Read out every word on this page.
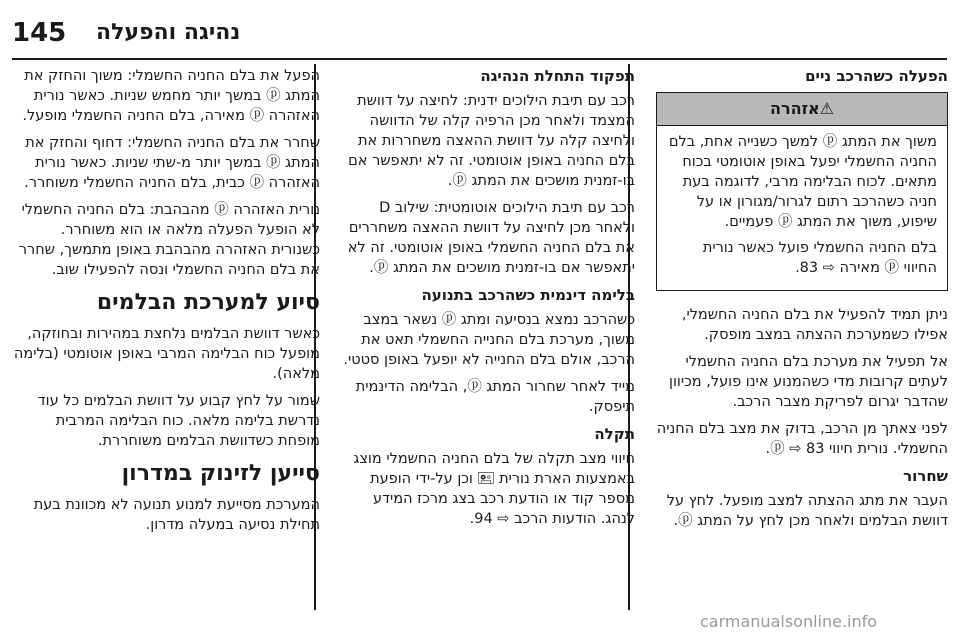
145 נהיגה והפעלה
הפעלה כשהרכב ניים
⚠אזהרה

משוך את המתג ⓟ למשך כשנייה אחת, בלם החניה החשמלי יפעל באופן אוטומטי בכוח מתאים. לכוח הבלימה מרבי, לדוגמה בעת חניה כשהרכב רתום לגרור/מגורון או על שיפוע, משוך את המתג ⓟ פעמיים.

בלם החניה החשמלי פועל כאשר נורית החיווי ⓟ מאירה ⇨ 83.

ניתן תמיד להפעיל את בלם החניה החשמלי, אפילו כשמערכת ההצתה במצב מופסק.

אל תפעיל את מערכת בלם החניה החשמלי לעתים קרובות מדי כשהמנוע אינו פועל, מכיוון שהדבר יגרום לפריקת מצבר הרכב.

לפני צאתך מן הרכב, בדוק את מצב בלם החניה החשמלי. נורית חיווי ⓟ ⇨ 83.

שחרור

העבר את מתג ההצתה למצב מופעל. לחץ על דוושת הבלמים ולאחר מכן לחץ על המתג ⓟ.

תפקוד התחלת הנהיגה

רכב עם תיבת הילוכים ידנית: לחיצה על דוושת המצמד ולאחר מכן הרפיה קלה של הדוושה ולחיצה קלה על דוושת ההאצה משחררות את בלם החניה באופן אוטומטי. זה לא יתאפשר אם בו-זמנית מושכים את המתג ⓟ.

רכב עם תיבת הילוכים אוטומטית: שילוב D ולאחר מכן לחיצה על דוושת ההאצה משחררים את בלם החניה החשמלי באופן אוטומטי. זה לא יתאפשר אם בו-זמנית מושכים את המתג ⓟ.

בלימה דינמית כשהרכב בתנועה

כשהרכב נמצא בנסיעה ומתג ⓟ נשאר במצב משוך, מערכת בלם החנייה החשמלי תאט את הרכב, אולם בלם החנייה לא יופעל באופן סטטי.

מייד לאחר שחרור המתג ⓟ, הבלימה הדינמית תיפסק.

תקלה

חיווי מצב תקלה של בלם החניה החשמלי מוצג באמצעות הארת נורית 🖭 וכן על-ידי הופעת מספר קוד או הודעת רכב בצג מרכז המידע לנהג. הודעות הרכב ⇨ 94.

הפעל את בלם החניה החשמלי: משוך והחזק את המתג ⓟ במשך יותר מחמש שניות. כאשר נורית האזהרה ⓟ מאירה, בלם החניה החשמלי מופעל.

שחרר את בלם החניה החשמלי: דחוף והחזק את המתג ⓟ במשך יותר מ-שתי שניות. כאשר נורית האזהרה ⓟ כבית, בלם החניה החשמלי משוחרר.

נורית האזהרה ⓟ מהבהבת: בלם החניה החשמלי לא הופעל הפעלה מלאה או הוא משוחרר. כשנורית האזהרה מהבהבת באופן מתמשך, שחרר את בלם החניה החשמלי ונסה להפעילו שוב.

סיוע למערכת הבלמים

כאשר דוושת הבלמים נלחצת במהירות ובחוזקה, מופעל כוח הבלימה המרבי באופן אוטומטי (בלימה מלאה).

שמור על לחץ קבוע על דוושת הבלמים כל עוד נדרשת בלימה מלאה. כוח הבלימה המרבית מופחת כשדוושת הבלמים משוחררת.

סייען לזינוק במדרון

המערכת מסייעת למנוע תנועה לא מכוונת בעת תחילת נסיעה במעלה מדרון.

carmanualsonline.info
